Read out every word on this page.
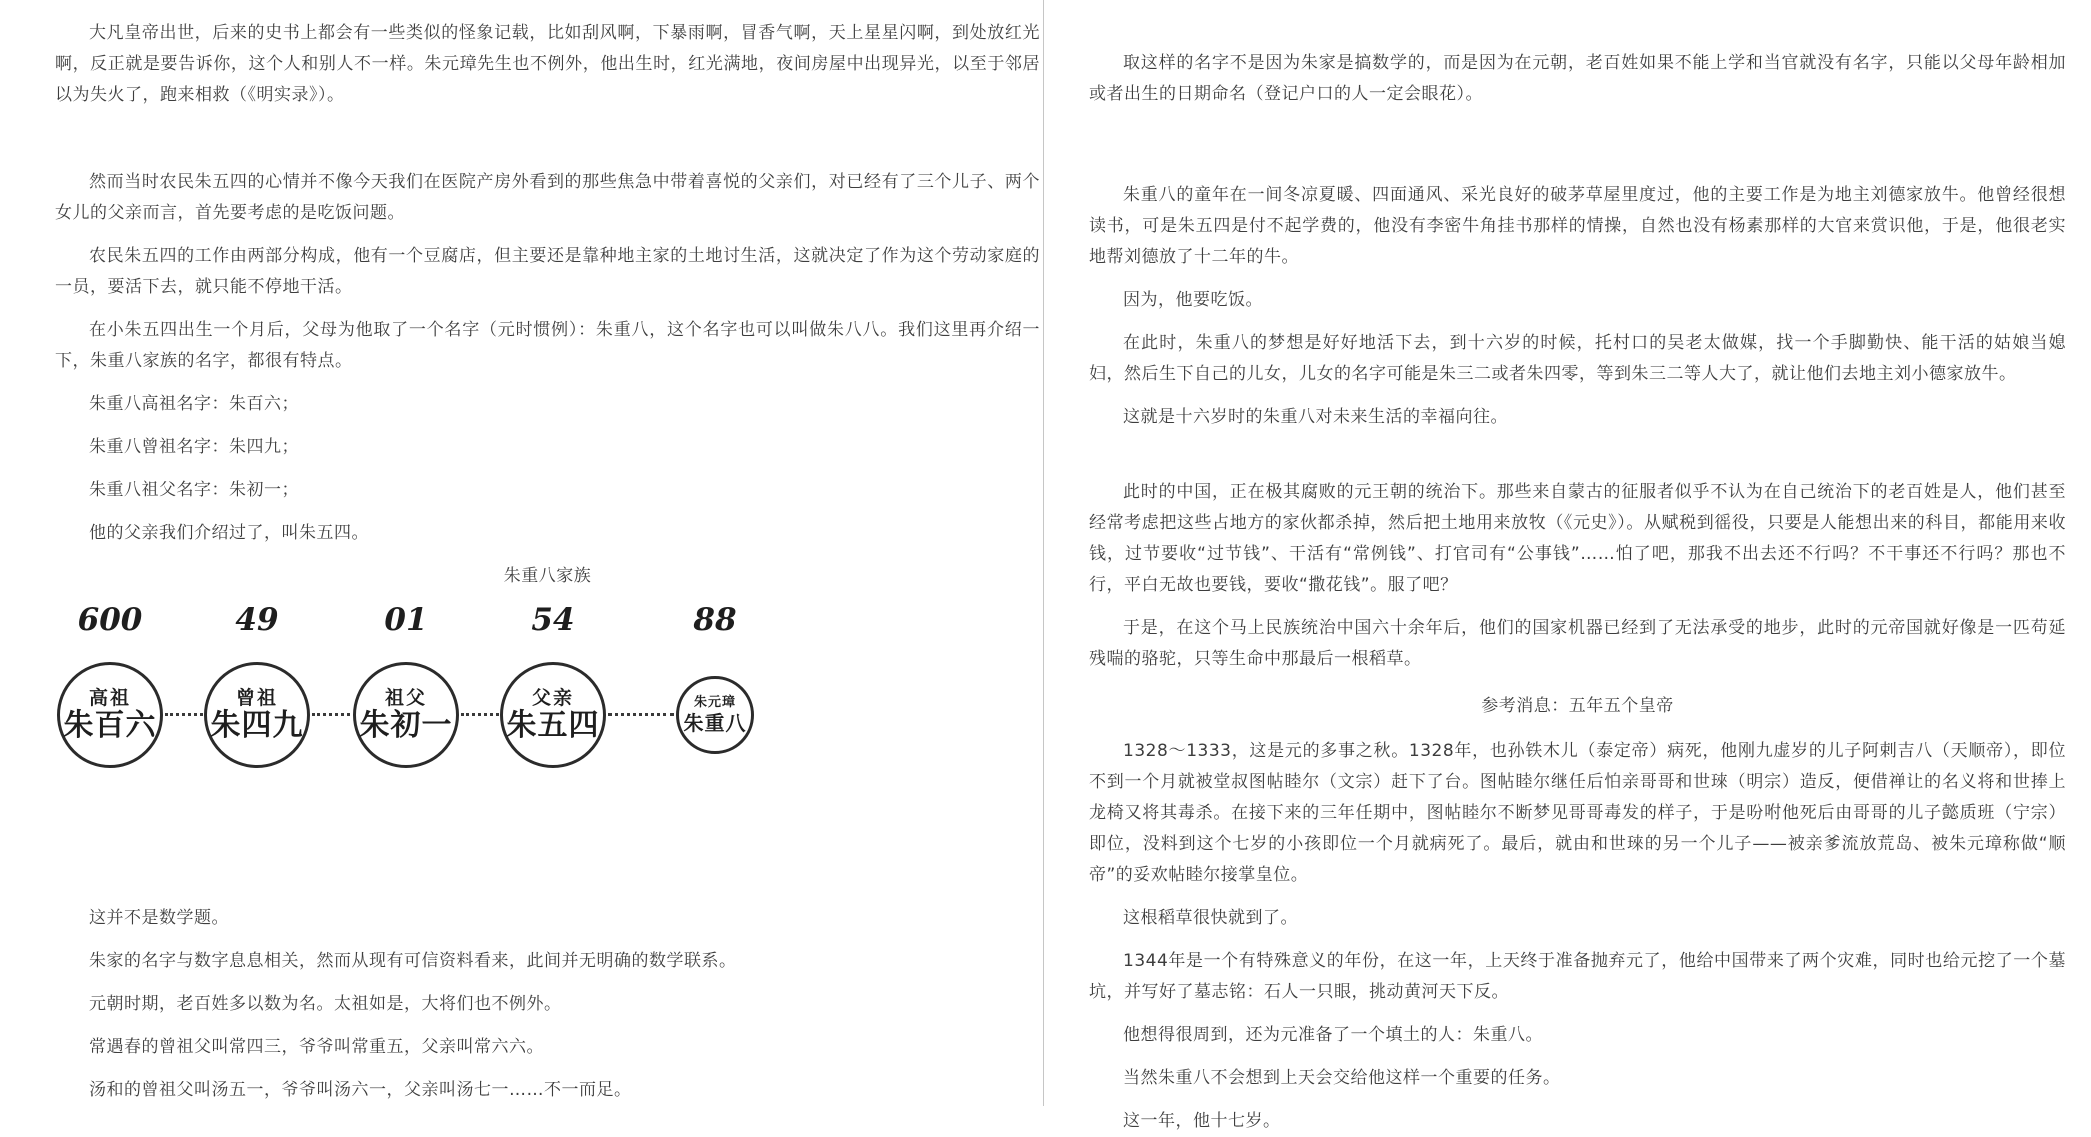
大凡皇帝出世，后来的史书上都会有一些类似的怪象记载，比如刮风啊，下暴雨啊，冒香气啊，天上星星闪啊，到处放红光啊，反正就是要告诉你，这个人和别人不一样。朱元璋先生也不例外，他出生时，红光满地，夜间房屋中出现异光，以至于邻居以为失火了，跑来相救（《明实录》）。

然而当时农民朱五四的心情并不像今天我们在医院产房外看到的那些焦急中带着喜悦的父亲们，对已经有了三个儿子、两个女儿的父亲而言，首先要考虑的是吃饭问题。

农民朱五四的工作由两部分构成，他有一个豆腐店，但主要还是靠种地主家的土地讨生活，这就决定了作为这个劳动家庭的一员，要活下去，就只能不停地干活。

在小朱五四出生一个月后，父母为他取了一个名字（元时惯例）：朱重八，这个名字也可以叫做朱八八。我们这里再介绍一下，朱重八家族的名字，都很有特点。

朱重八高祖名字：朱百六；

朱重八曾祖名字：朱四九；

朱重八祖父名字：朱初一；

他的父亲我们介绍过了，叫朱五四。

朱重八家族
600
高祖
朱百六
49
曾祖
朱四九
01
祖父
朱初一
54
父亲
朱五四
88
朱元璋
朱重八

这并不是数学题。

朱家的名字与数字息息相关，然而从现有可信资料看来，此间并无明确的数学联系。

元朝时期，老百姓多以数为名。太祖如是，大将们也不例外。

常遇春的曾祖父叫常四三，爷爷叫常重五，父亲叫常六六。

汤和的曾祖父叫汤五一，爷爷叫汤六一，父亲叫汤七一……不一而足。

取这样的名字不是因为朱家是搞数学的，而是因为在元朝，老百姓如果不能上学和当官就没有名字，只能以父母年龄相加或者出生的日期命名（登记户口的人一定会眼花）。

朱重八的童年在一间冬凉夏暖、四面通风、采光良好的破茅草屋里度过，他的主要工作是为地主刘德家放牛。他曾经很想读书，可是朱五四是付不起学费的，他没有李密牛角挂书那样的情操，自然也没有杨素那样的大官来赏识他，于是，他很老实地帮刘德放了十二年的牛。

因为，他要吃饭。

在此时，朱重八的梦想是好好地活下去，到十六岁的时候，托村口的吴老太做媒，找一个手脚勤快、能干活的姑娘当媳妇，然后生下自己的儿女，儿女的名字可能是朱三二或者朱四零，等到朱三二等人大了，就让他们去地主刘小德家放牛。

这就是十六岁时的朱重八对未来生活的幸福向往。

此时的中国，正在极其腐败的元王朝的统治下。那些来自蒙古的征服者似乎不认为在自己统治下的老百姓是人，他们甚至经常考虑把这些占地方的家伙都杀掉，然后把土地用来放牧（《元史》）。从赋税到徭役，只要是人能想出来的科目，都能用来收钱，过节要收“过节钱”、干活有“常例钱”、打官司有“公事钱”……怕了吧，那我不出去还不行吗？不干事还不行吗？那也不行，平白无故也要钱，要收“撒花钱”。服了吧？

于是，在这个马上民族统治中国六十余年后，他们的国家机器已经到了无法承受的地步，此时的元帝国就好像是一匹苟延残喘的骆驼，只等生命中那最后一根稻草。

参考消息：五年五个皇帝

1328～1333，这是元的多事之秋。1328年，也孙铁木儿（泰定帝）病死，他刚九虚岁的儿子阿剌吉八（天顺帝），即位不到一个月就被堂叔图帖睦尔（文宗）赶下了台。图帖睦尔继任后怕亲哥哥和世琜（明宗）造反，便借禅让的名义将和世捧上龙椅又将其毒杀。在接下来的三年任期中，图帖睦尔不断梦见哥哥毒发的样子，于是吩咐他死后由哥哥的儿子懿质班（宁宗）即位，没料到这个七岁的小孩即位一个月就病死了。最后，就由和世琜的另一个儿子——被亲爹流放荒岛、被朱元璋称做“顺帝”的妥欢帖睦尔接掌皇位。

这根稻草很快就到了。

1344年是一个有特殊意义的年份，在这一年，上天终于准备抛弃元了，他给中国带来了两个灾难，同时也给元挖了一个墓坑，并写好了墓志铭：石人一只眼，挑动黄河天下反。

他想得很周到，还为元准备了一个填土的人：朱重八。

当然朱重八不会想到上天会交给他这样一个重要的任务。

这一年，他十七岁。
